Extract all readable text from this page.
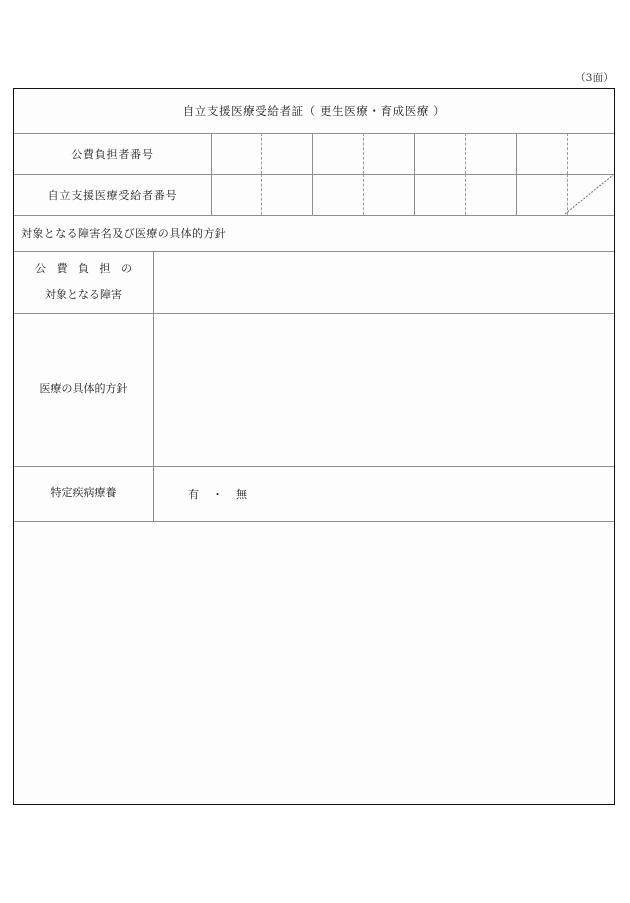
（3面）
自立支援医療受給者証（ 更生医療・育成医療 ）
公費負担者番号
自立支援医療受給者番号
対象となる障害名及び医療の具体的方針
公 費 負 担 の
対象となる障害
医療の具体的方針
特定疾病療養	有　・　無
